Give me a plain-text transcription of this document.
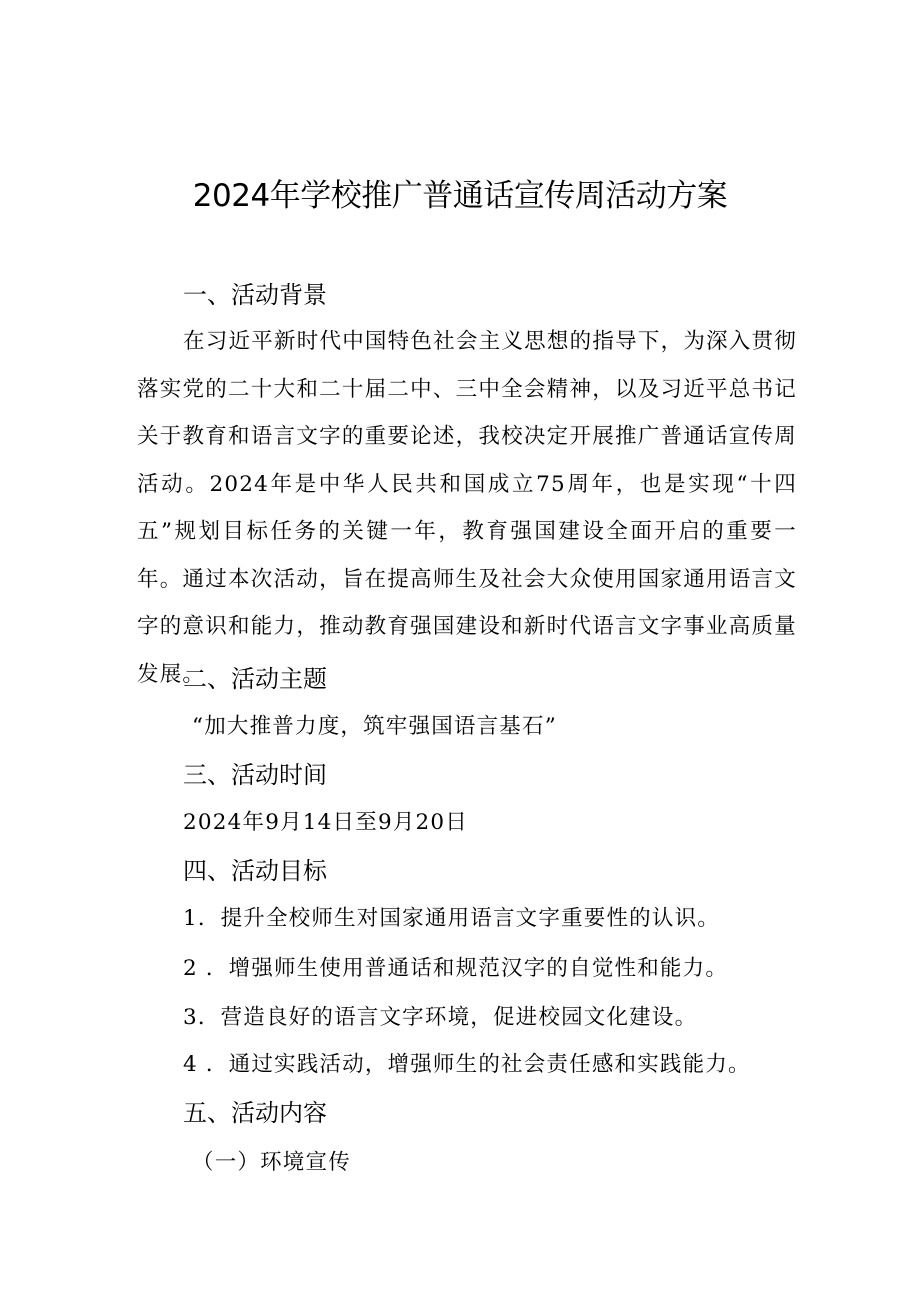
2024年学校推广普通话宣传周活动方案
一、活动背景
在习近平新时代中国特色社会主义思想的指导下，为深入贯彻落实党的二十大和二十届二中、三中全会精神，以及习近平总书记关于教育和语言文字的重要论述，我校决定开展推广普通话宣传周活动。2024年是中华人民共和国成立75周年，也是实现“十四五”规划目标任务的关键一年，教育强国建设全面开启的重要一年。通过本次活动，旨在提高师生及社会大众使用国家通用语言文字的意识和能力，推动教育强国建设和新时代语言文字事业高质量发展。
二、活动主题
“加大推普力度，筑牢强国语言基石”
三、活动时间
2024年9月14日至9月20日
四、活动目标
1．提升全校师生对国家通用语言文字重要性的认识。
2 ．增强师生使用普通话和规范汉字的自觉性和能力。
3．营造良好的语言文字环境，促进校园文化建设。
4 ．通过实践活动，增强师生的社会责任感和实践能力。
五、活动内容
（一）环境宣传
